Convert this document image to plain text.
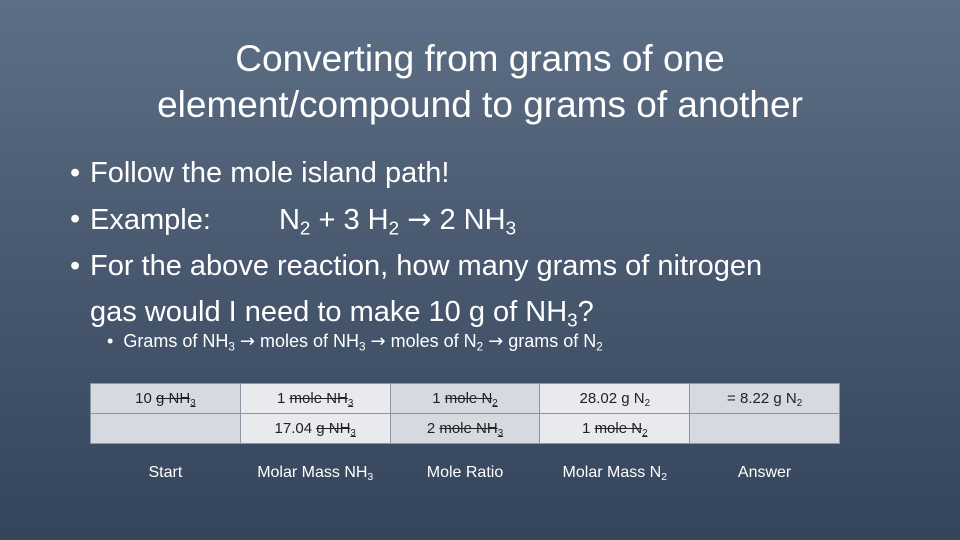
Converting from grams of one
element/compound to grams of another
• Follow the mole island path!
• Example: $N_2 + 3$ $H_2 \to 2$ $NH_3$
• For the above reaction, how many grams of nitrogen
gas would I need to make 10 g of $NH_3$?
• Grams of $NH_3$ → moles of $NH_3$ → moles of $N_2$ → grams of $N_2$
10 g $NH_3$	1 mole $NH_3$	1 mole $N_2$	28.02 g $N_2$	= 8.22 g $N_2$
	17.04 g $NH_3$	2 mole $NH_3$	1 mole $N_2$	
Start	Molar Mass $NH_3$	Mole Ratio	Molar Mass $N_2$	Answer
